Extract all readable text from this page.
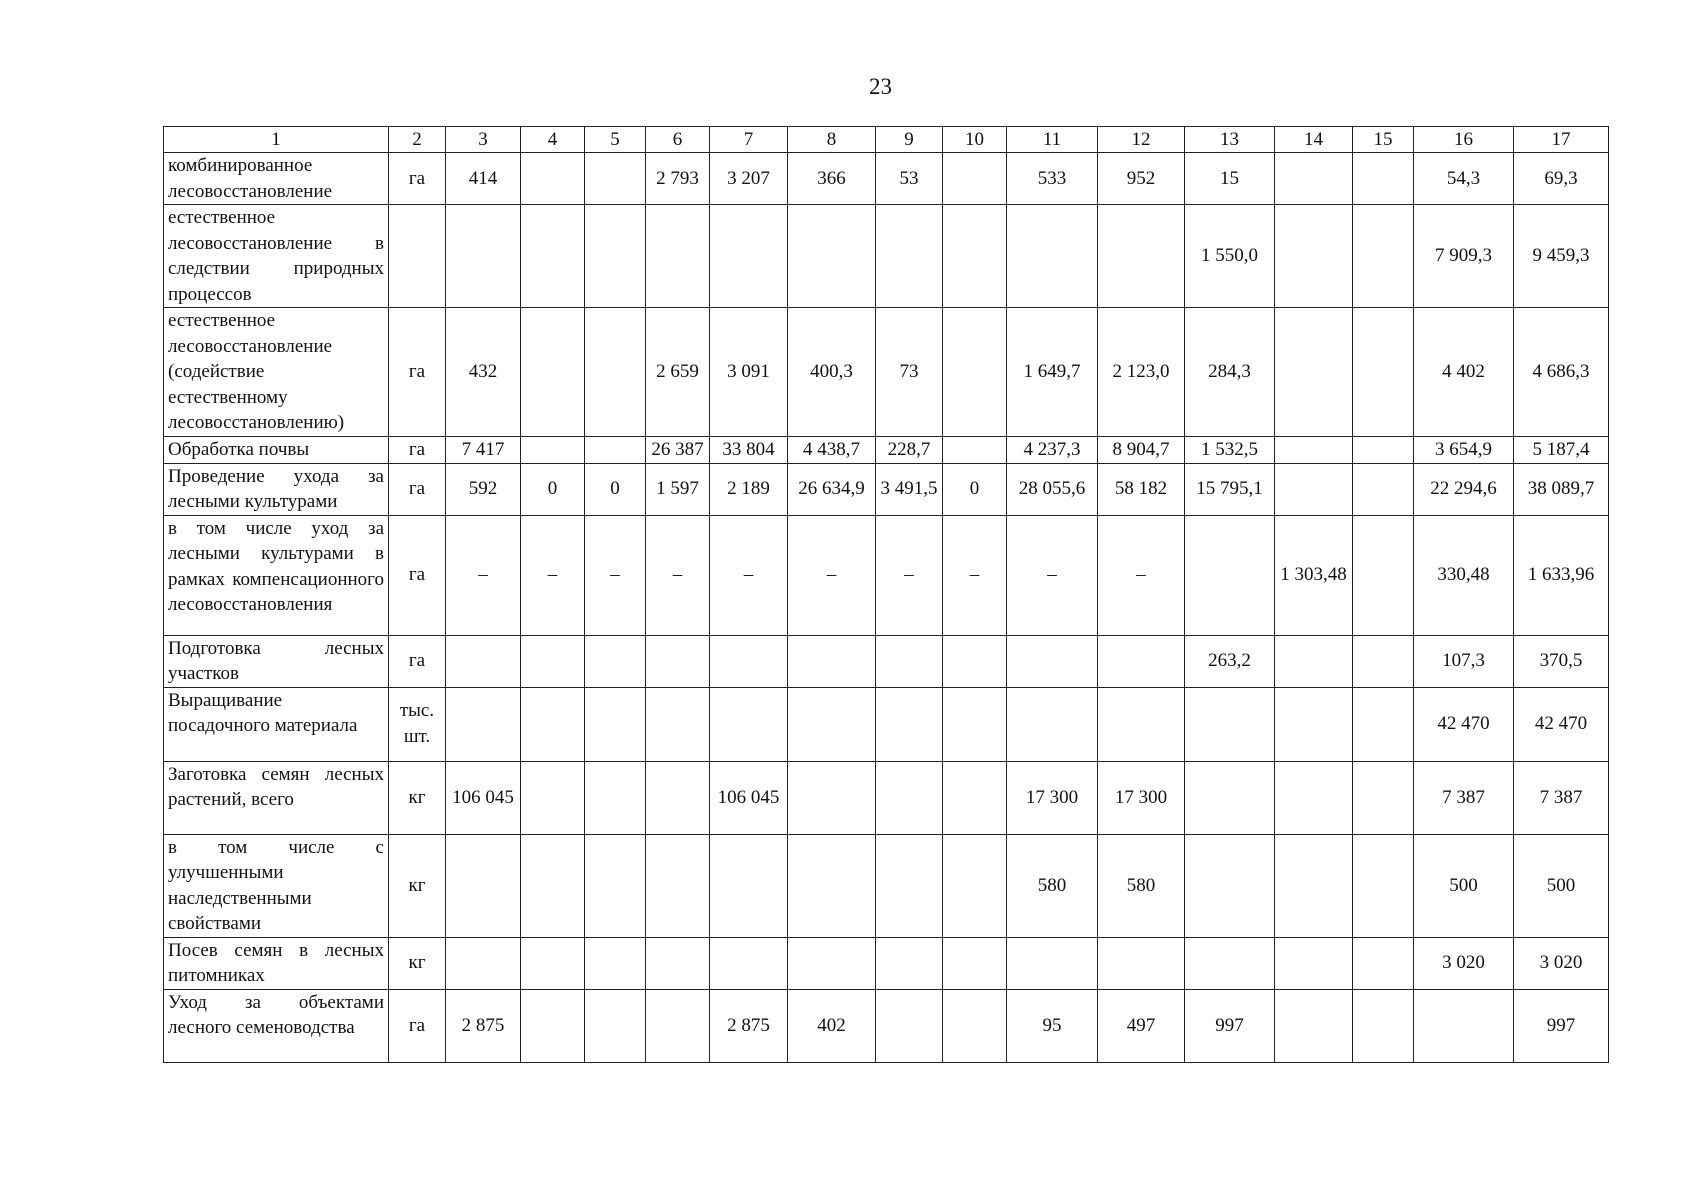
23
1	2	3	4	5	6	7	8	9	10	11	12	13	14	15	16	17
комбинированное лесовосстановление	га	414			2 793	3 207	366	53		533	952	15			54,3	69,3
естественное лесовосстановление в следствии природных процессов												1 550,0			7 909,3	9 459,3
естественное лесовосстановление (содействие естественному лесовосстановлению)	га	432			2 659	3 091	400,3	73		1 649,7	2 123,0	284,3			4 402	4 686,3
Обработка почвы	га	7 417			26 387	33 804	4 438,7	228,7		4 237,3	8 904,7	1 532,5			3 654,9	5 187,4
Проведение ухода за лесными культурами	га	592	0	0	1 597	2 189	26 634,9	3 491,5	0	28 055,6	58 182	15 795,1			22 294,6	38 089,7
в том числе уход за лесными культурами в рамках компенсационного лесовосстановления	га	–	–	–	–	–	–	–	–	–	–		1 303,48		330,48	1 633,96
Подготовка лесных участков	га											263,2			107,3	370,5
Выращивание посадочного материала	тыс. шт.														42 470	42 470
Заготовка семян лесных растений, всего	кг	106 045				106 045				17 300	17 300				7 387	7 387
в том числе с улучшенными наследственными свойствами	кг									580	580				500	500
Посев семян в лесных питомниках	кг														3 020	3 020
Уход за объектами лесного семеноводства	га	2 875				2 875	402			95	497	997				997
